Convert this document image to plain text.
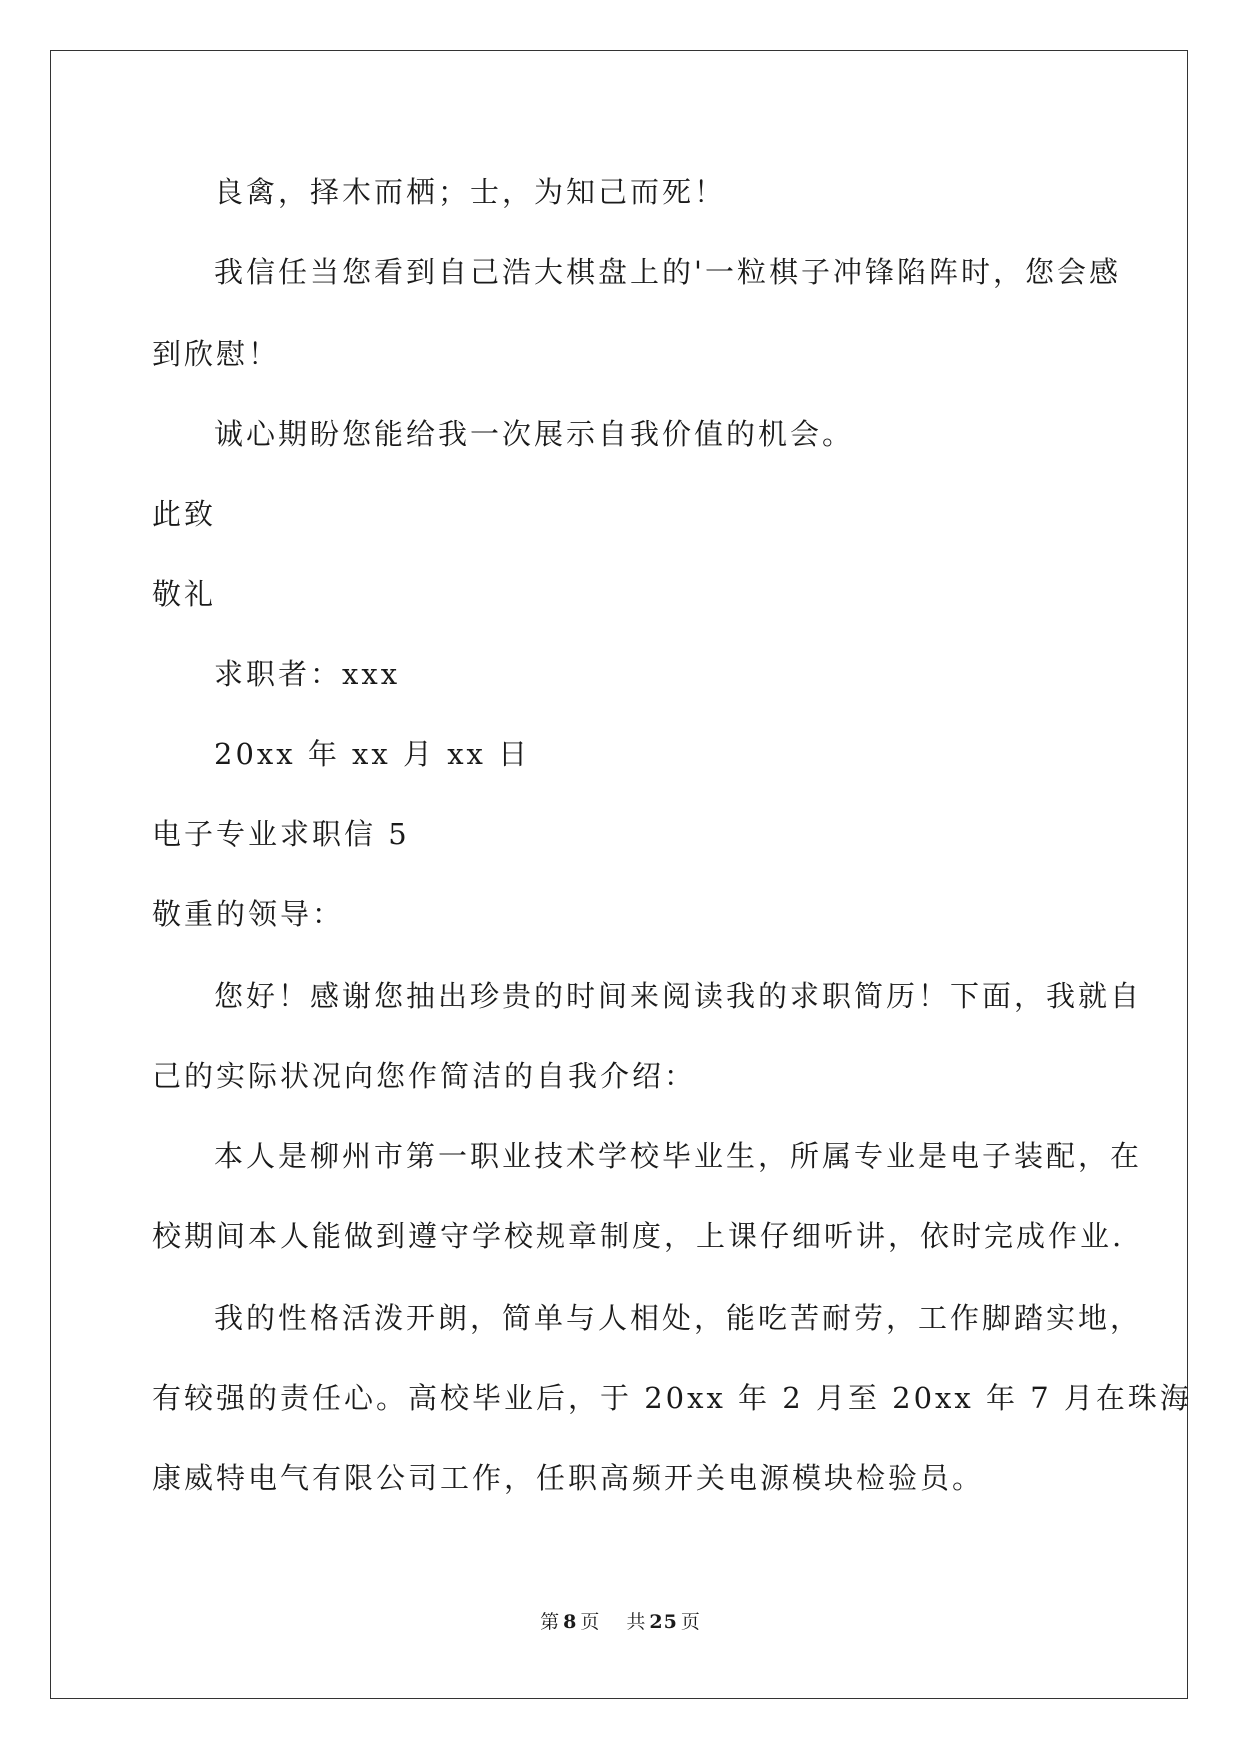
良禽，择木而栖；士，为知己而死！
我信任当您看到自己浩大棋盘上的'一粒棋子冲锋陷阵时，您会感
到欣慰！
诚心期盼您能给我一次展示自我价值的机会。
此致
敬礼
求职者：xxx
20xx 年 xx 月 xx 日
电子专业求职信 5
敬重的领导：
您好！感谢您抽出珍贵的时间来阅读我的求职简历！下面，我就自
己的实际状况向您作简洁的自我介绍：
本人是柳州市第一职业技术学校毕业生，所属专业是电子装配，在
校期间本人能做到遵守学校规章制度，上课仔细听讲，依时完成作业.
我的性格活泼开朗，简单与人相处，能吃苦耐劳，工作脚踏实地，
有较强的责任心。高校毕业后，于 20xx 年 2 月至 20xx 年 7 月在珠海
康威特电气有限公司工作，任职高频开关电源模块检验员。
第 8 页 共 25 页
